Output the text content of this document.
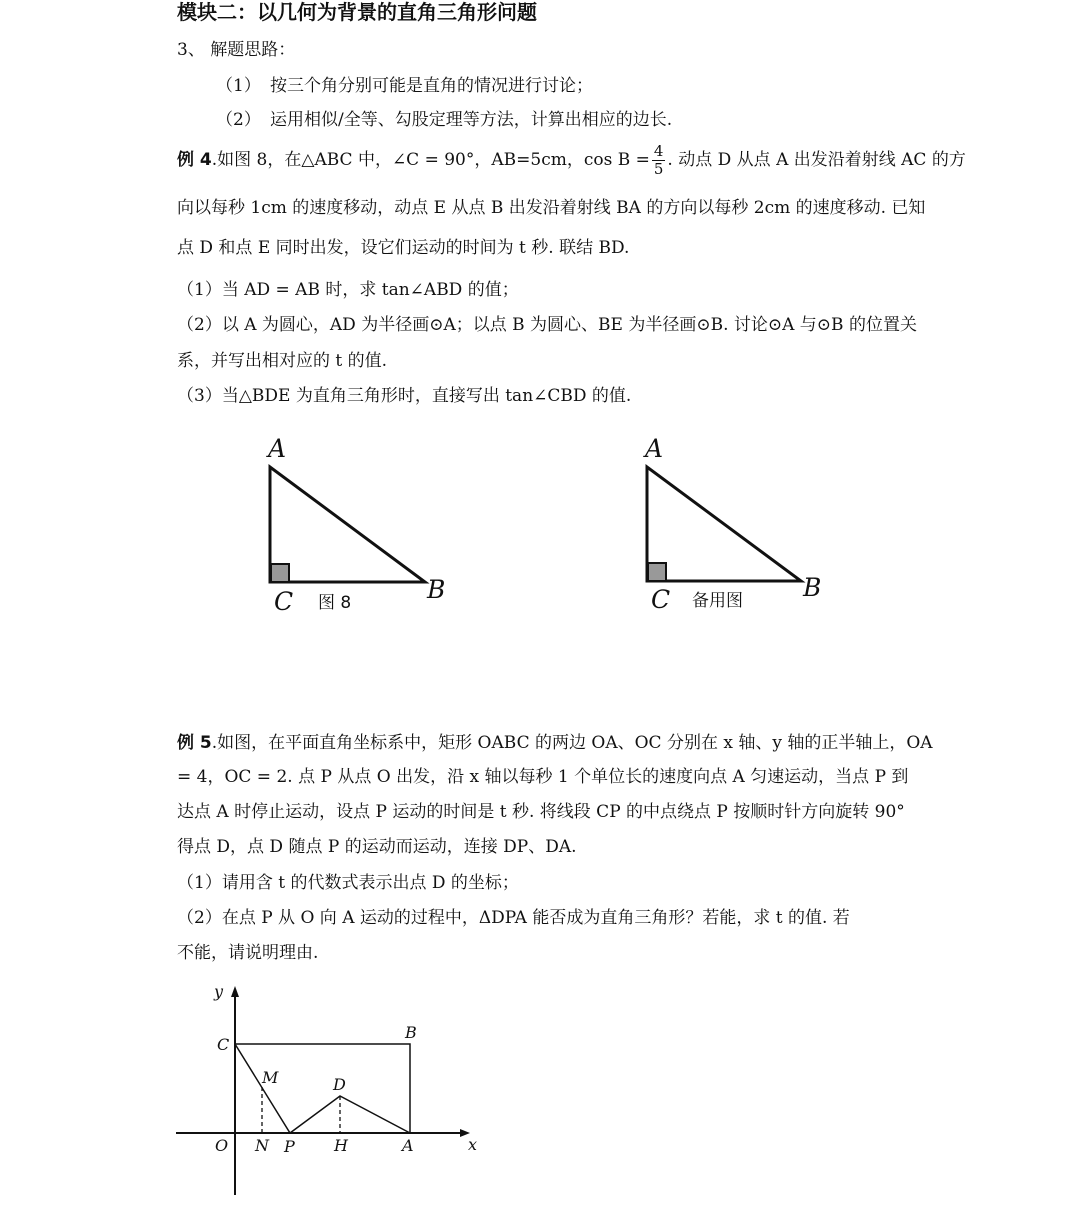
模块二：以几何为背景的直角三角形问题
3、 解题思路：
（1） 按三个角分别可能是直角的情况进行讨论；
（2） 运用相似/全等、勾股定理等方法，计算出相应的边长.
例 4.如图 8，在△ABC 中，∠C = 90°，AB=5cm，$\cos B = \frac{4}{5}$ . 动点 D 从点 A 出发沿着射线 AC 的方
向以每秒 1cm 的速度移动，动点 E 从点 B 出发沿着射线 BA 的方向以每秒 2cm 的速度移动. 已知
点 D 和点 E 同时出发，设它们运动的时间为 t 秒. 联结 BD.
（1）当 AD = AB 时，求 tan∠ABD 的值；
（2）以 A 为圆心，AD 为半径画⊙A；以点 B 为圆心、BE 为半径画⊙B. 讨论⊙A 与⊙B 的位置关
系，并写出相对应的 t 的值.
（3）当△BDE 为直角三角形时，直接写出 tan∠CBD 的值.
例 5.如图，在平面直角坐标系中，矩形 OABC 的两边 OA、OC 分别在 x 轴、y 轴的正半轴上，OA
= 4，OC = 2. 点 P 从点 O 出发，沿 x 轴以每秒 1 个单位长的速度向点 A 匀速运动，当点 P 到
达点 A 时停止运动，设点 P 运动的时间是 t 秒. 将线段 CP 的中点绕点 P 按顺时针方向旋转 90°
得点 D，点 D 随点 P 的运动而运动，连接 DP、DA.
（1）请用含 t 的代数式表示出点 D 的坐标；
（2）在点 P 从 O 向 A 运动的过程中，ΔDPA 能否成为直角三角形？若能，求 t 的值. 若
不能，请说明理由.
A
B
C 图 8
A
B
C 备用图
x
y
O
C
B
M	D
N P H	A
